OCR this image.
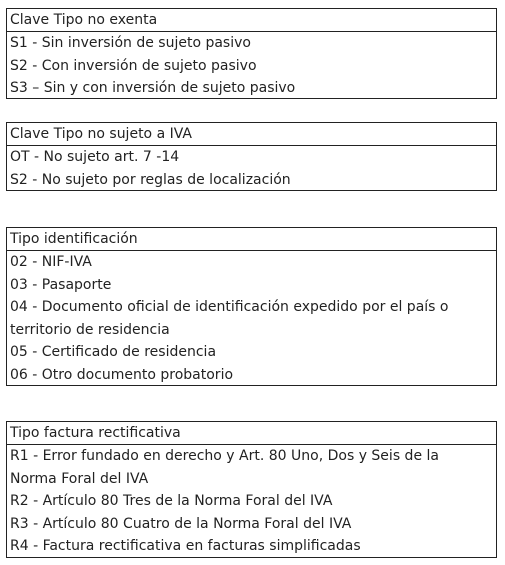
Clave Tipo no exenta
S1 - Sin inversión de sujeto pasivo
S2 - Con inversión de sujeto pasivo
S3 – Sin y con inversión de sujeto pasivo
Clave Tipo no sujeto a IVA
OT - No sujeto art. 7 -14
S2 - No sujeto por reglas de localización
Tipo identificación
02 - NIF-IVA
03 - Pasaporte
04 - Documento oficial de identificación expedido por el país o territorio de residencia
05 - Certificado de residencia
06 - Otro documento probatorio
Tipo factura rectificativa
R1 - Error fundado en derecho y Art. 80 Uno, Dos y Seis de la Norma Foral del IVA
R2 - Artículo 80 Tres de la Norma Foral del IVA
R3 - Artículo 80 Cuatro de la Norma Foral del IVA
R4 - Factura rectificativa en facturas simplificadas
